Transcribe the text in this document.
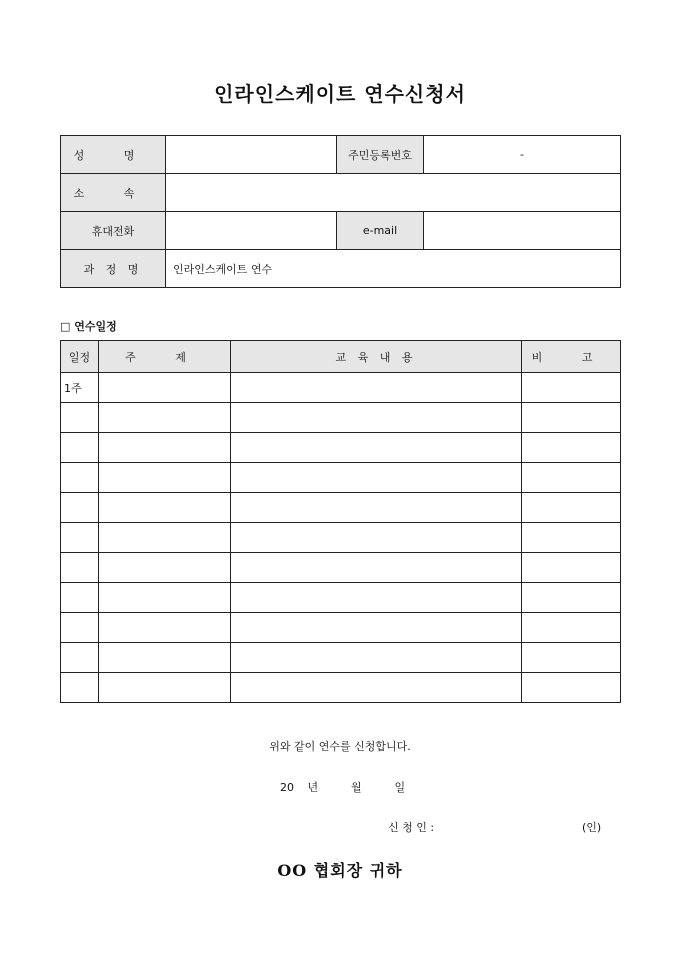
인라인스케이트 연수신청서
성 명		주민등록번호	-
소 속			
휴대전화		e-mail	
과 정 명	인라인스케이트 연수		
□ 연수일정
일정	주 제	교 육 내 용	비 고
1주			

위와 같이 연수를 신청합니다.
20 년	월	일
신 청 인 :	(인)
OO 협회장 귀하
